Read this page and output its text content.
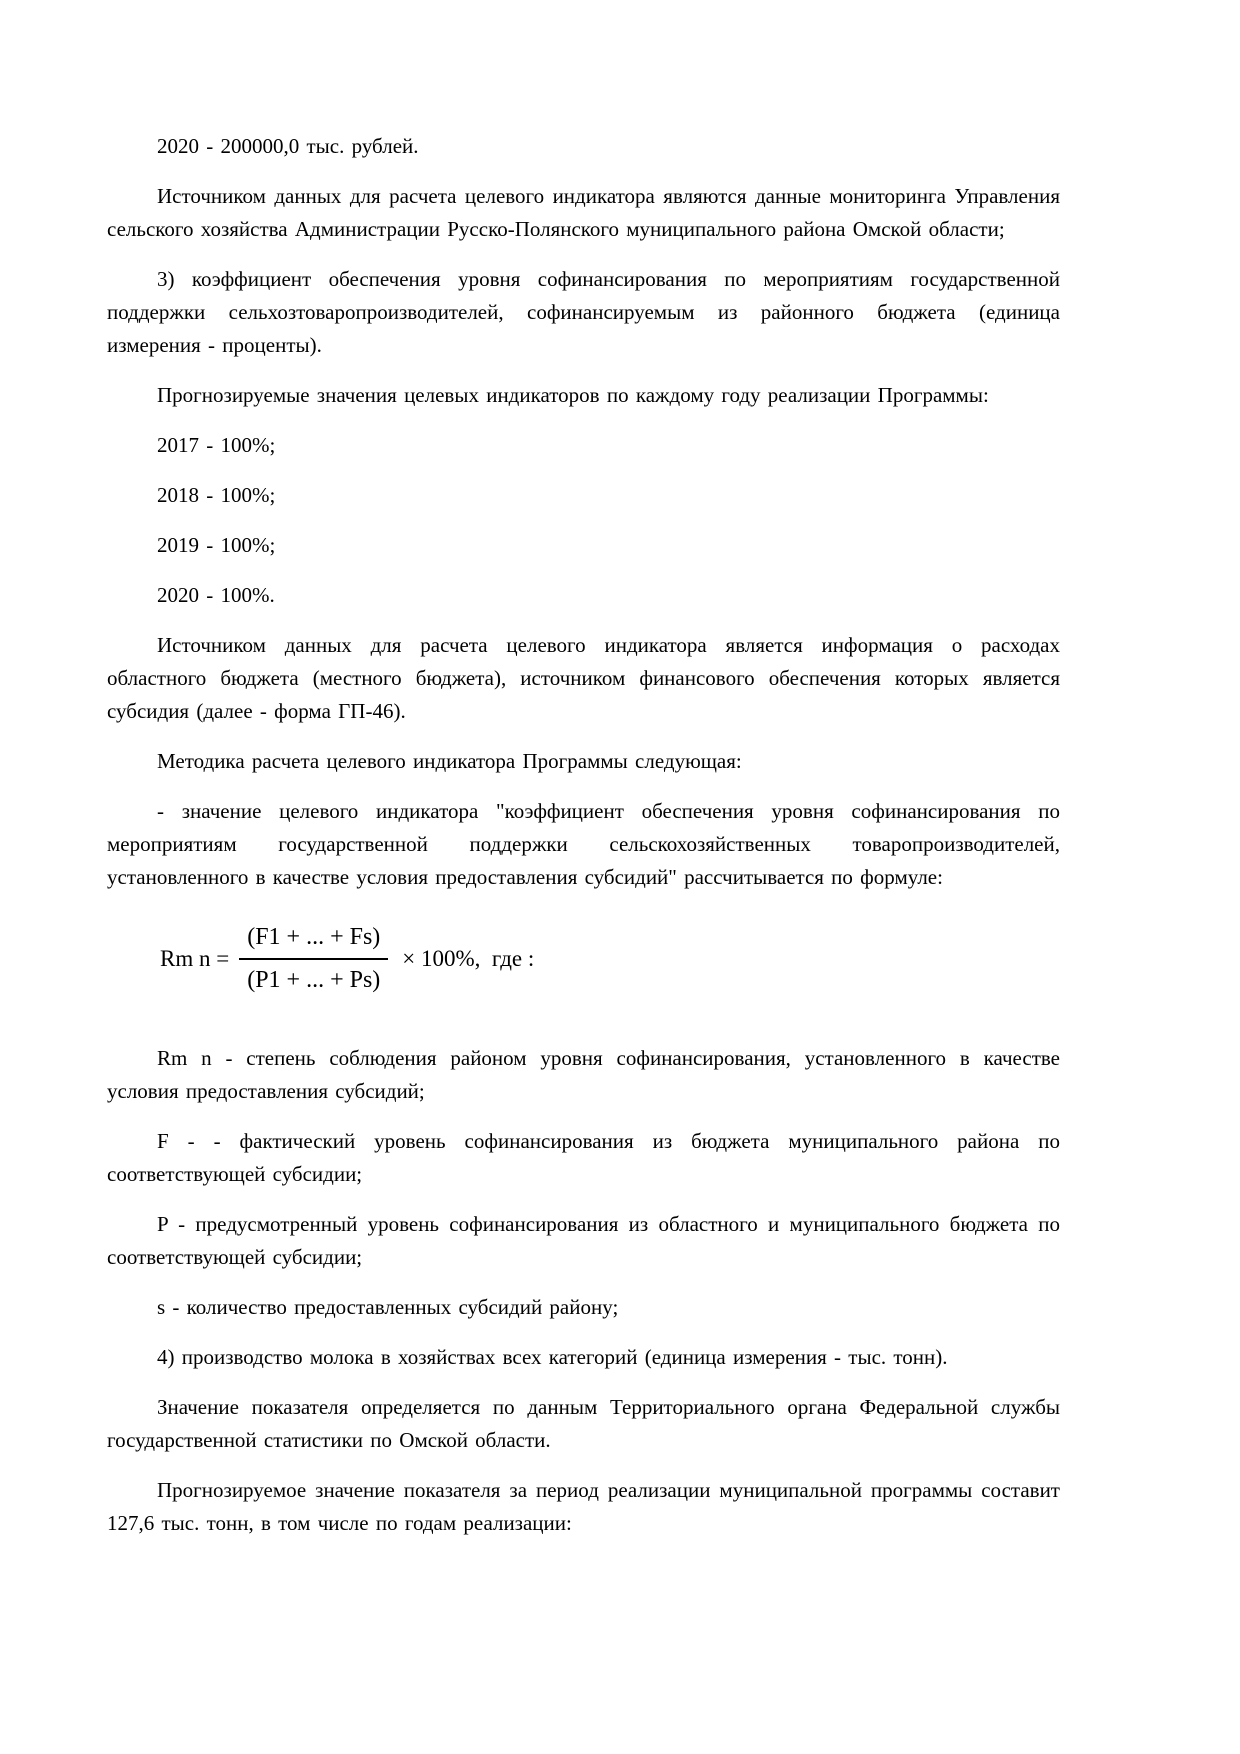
2020 - 200000,0 тыс. рублей.

Источником данных для расчета целевого индикатора являются данные мониторинга Управления сельского хозяйства Администрации Русско-Полянского муниципального района Омской области;

3) коэффициент обеспечения уровня софинансирования по мероприятиям государственной поддержки сельхозтоваропроизводителей, софинансируемым из районного бюджета (единица измерения - проценты).

Прогнозируемые значения целевых индикаторов по каждому году реализации Программы:

2017 - 100%;

2018 - 100%;

2019 - 100%;

2020 - 100%.

Источником данных для расчета целевого индикатора является информация о расходах областного бюджета (местного бюджета), источником финансового обеспечения которых является субсидия (далее - форма ГП-46).

Методика расчета целевого индикатора Программы следующая:

- значение целевого индикатора "коэффициент обеспечения уровня софинансирования по мероприятиям государственной поддержки сельскохозяйственных товаропроизводителей, установленного в качестве условия предоставления субсидий" рассчитывается по формуле:

Rm $n = \frac{(F1 + ... + Fs)}{(P1 + ... + Ps)} \times 100\%$,  где :

Rm n - степень соблюдения районом уровня софинансирования, установленного в качестве условия предоставления субсидий;

F - - фактический уровень софинансирования из бюджета муниципального района по соответствующей субсидии;

P - предусмотренный уровень софинансирования из областного и муниципального бюджета по соответствующей субсидии;

s - количество предоставленных субсидий району;

4) производство молока в хозяйствах всех категорий (единица измерения - тыс. тонн).

Значение показателя определяется по данным Территориального органа Федеральной службы государственной статистики по Омской области.

Прогнозируемое значение показателя за период реализации муниципальной программы составит 127,6 тыс. тонн, в том числе по годам реализации:
